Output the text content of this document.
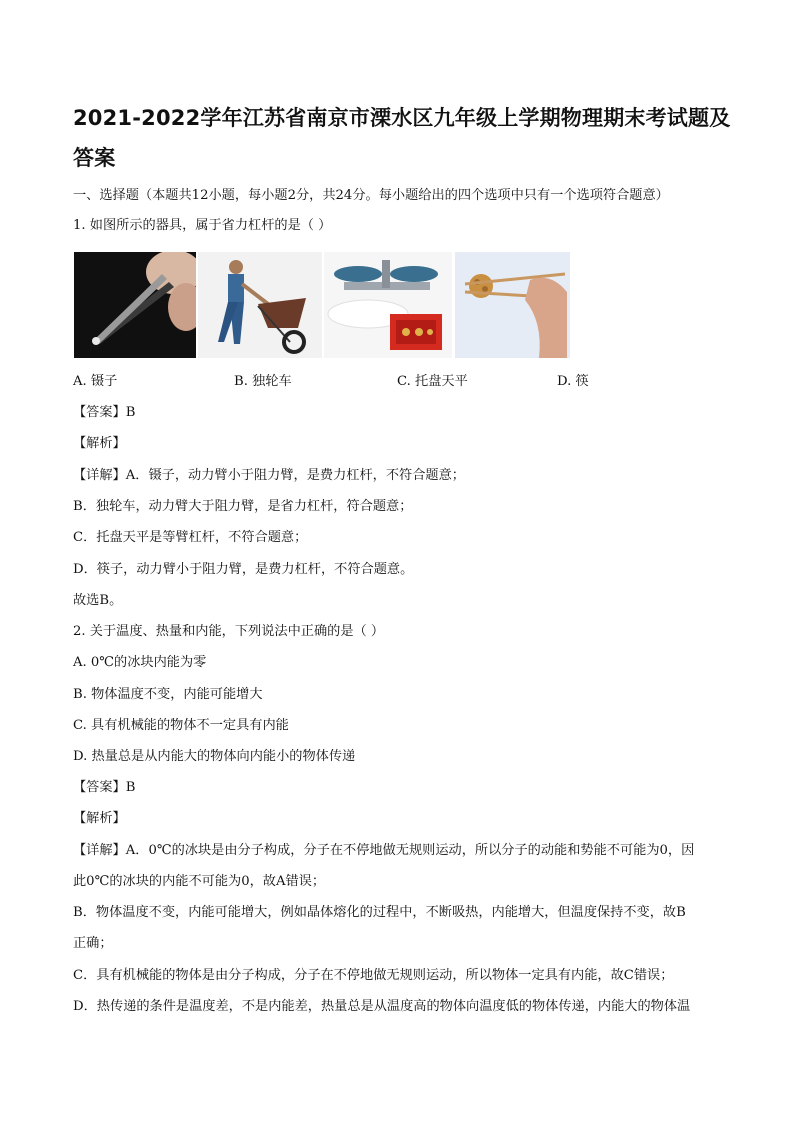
2021-2022学年江苏省南京市溧水区九年级上学期物理期末考试题及
答案
一、选择题（本题共12小题，每小题2分，共24分。每小题给出的四个选项中只有一个选项符合题意）
1. 如图所示的器具，属于省力杠杆的是（ ）
A. 镊子	B. 独轮车	C. 托盘天平	D. 筷
【答案】B
【解析】
【详解】A．镊子，动力臂小于阻力臂，是费力杠杆，不符合题意；
B．独轮车，动力臂大于阻力臂，是省力杠杆，符合题意；
C．托盘天平是等臂杠杆，不符合题意；
D．筷子，动力臂小于阻力臂，是费力杠杆，不符合题意。
故选B。
2. 关于温度、热量和内能，下列说法中正确的是（ ）
A. 0℃的冰块内能为零
B. 物体温度不变，内能可能增大
C. 具有机械能的物体不一定具有内能
D. 热量总是从内能大的物体向内能小的物体传递
【答案】B
【解析】
【详解】A．0℃的冰块是由分子构成，分子在不停地做无规则运动，所以分子的动能和势能不可能为0，因
此0℃的冰块的内能不可能为0，故A错误；
B．物体温度不变，内能可能增大，例如晶体熔化的过程中，不断吸热，内能增大，但温度保持不变，故B
正确；
C．具有机械能的物体是由分子构成，分子在不停地做无规则运动，所以物体一定具有内能，故C错误；
D．热传递的条件是温度差，不是内能差，热量总是从温度高的物体向温度低的物体传递，内能大的物体温
